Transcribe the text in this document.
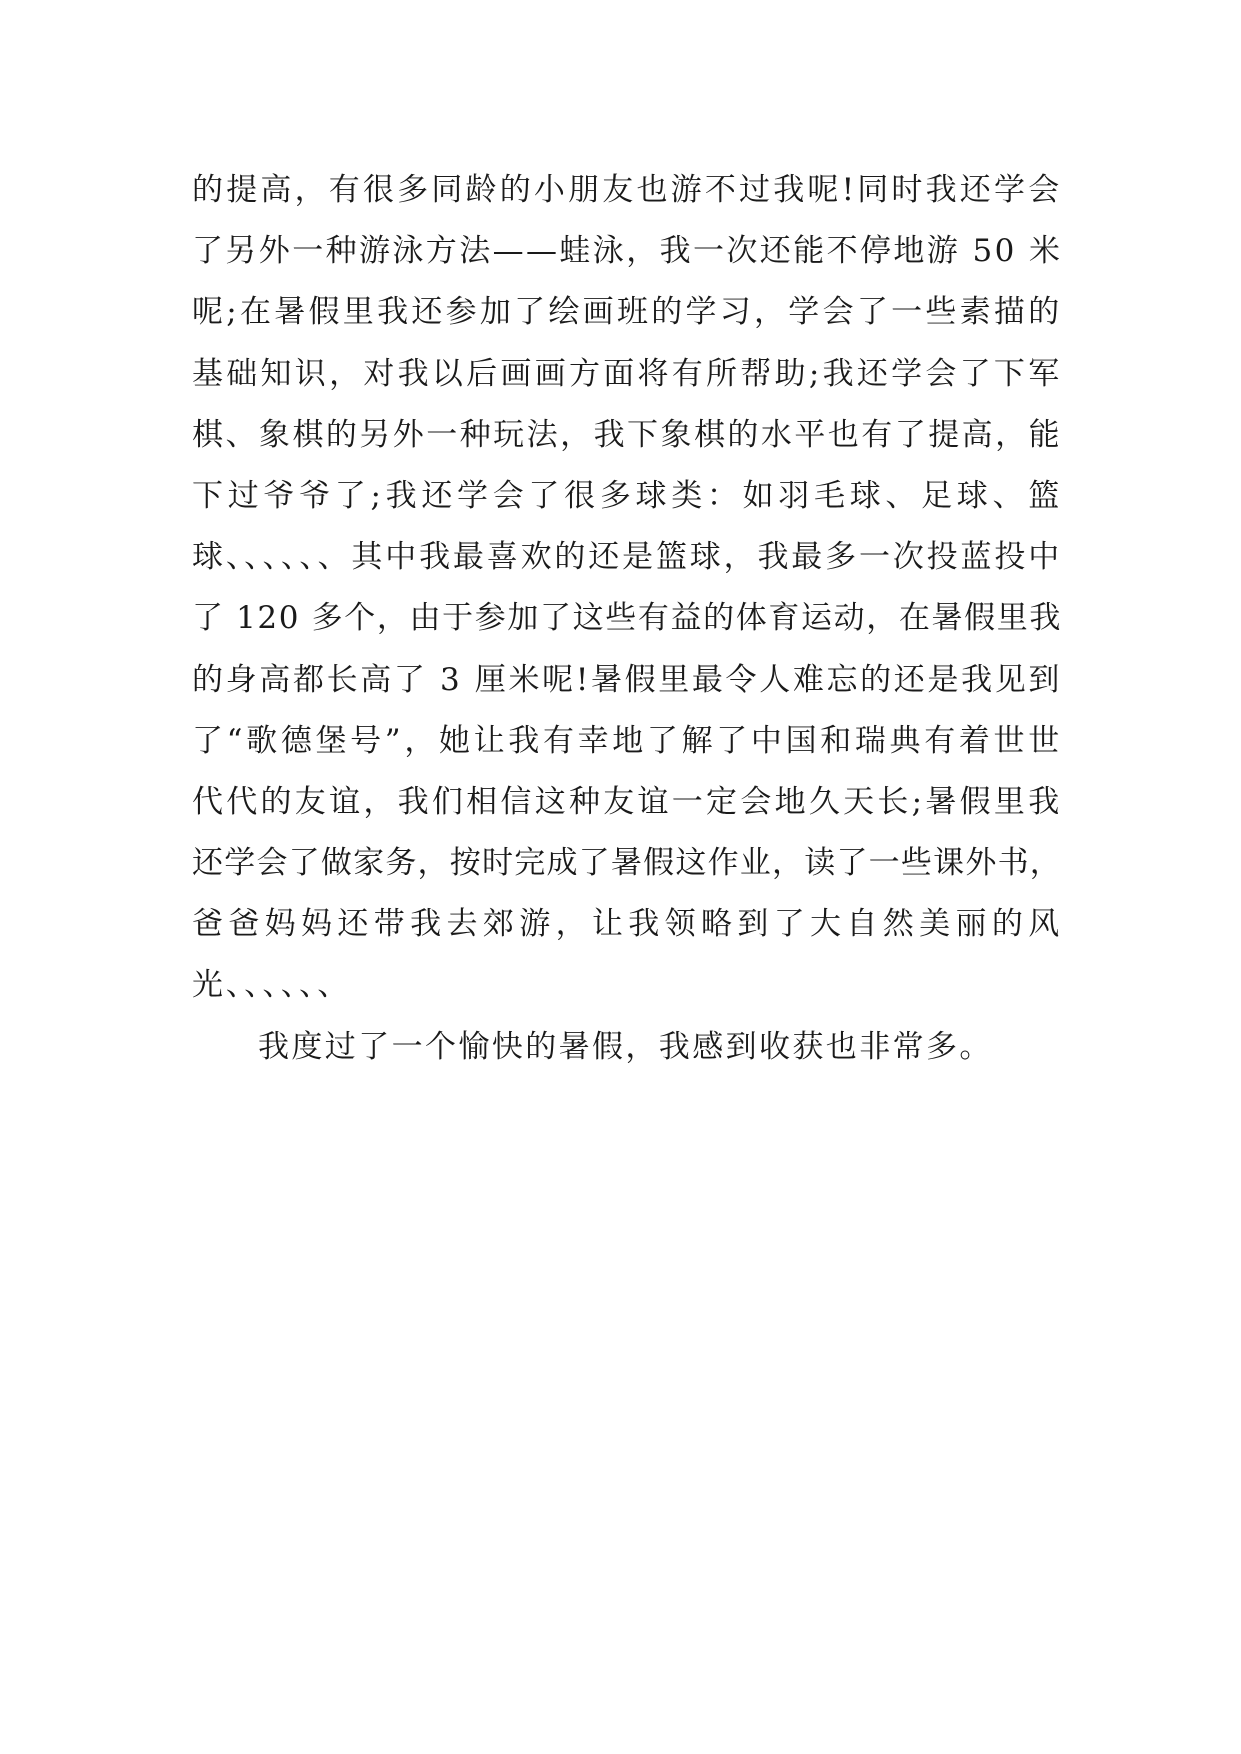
的提高，有很多同龄的小朋友也游不过我呢!同时我还学会
了另外一种游泳方法——蛙泳，我一次还能不停地游 50 米
呢;在暑假里我还参加了绘画班的学习，学会了一些素描的
基础知识，对我以后画画方面将有所帮助;我还学会了下军
棋、象棋的另外一种玩法，我下象棋的水平也有了提高，能
下过爷爷了;我还学会了很多球类：如羽毛球、足球、篮
球、、、、、、其中我最喜欢的还是篮球，我最多一次投蓝投中
了 120 多个，由于参加了这些有益的体育运动，在暑假里我
的身高都长高了 3 厘米呢!暑假里最令人难忘的还是我见到
了“歌德堡号”，她让我有幸地了解了中国和瑞典有着世世
代代的友谊，我们相信这种友谊一定会地久天长;暑假里我
还学会了做家务，按时完成了暑假这作业，读了一些课外书，
爸爸妈妈还带我去郊游，让我领略到了大自然美丽的风
光、、、、、、
我度过了一个愉快的暑假，我感到收获也非常多。
